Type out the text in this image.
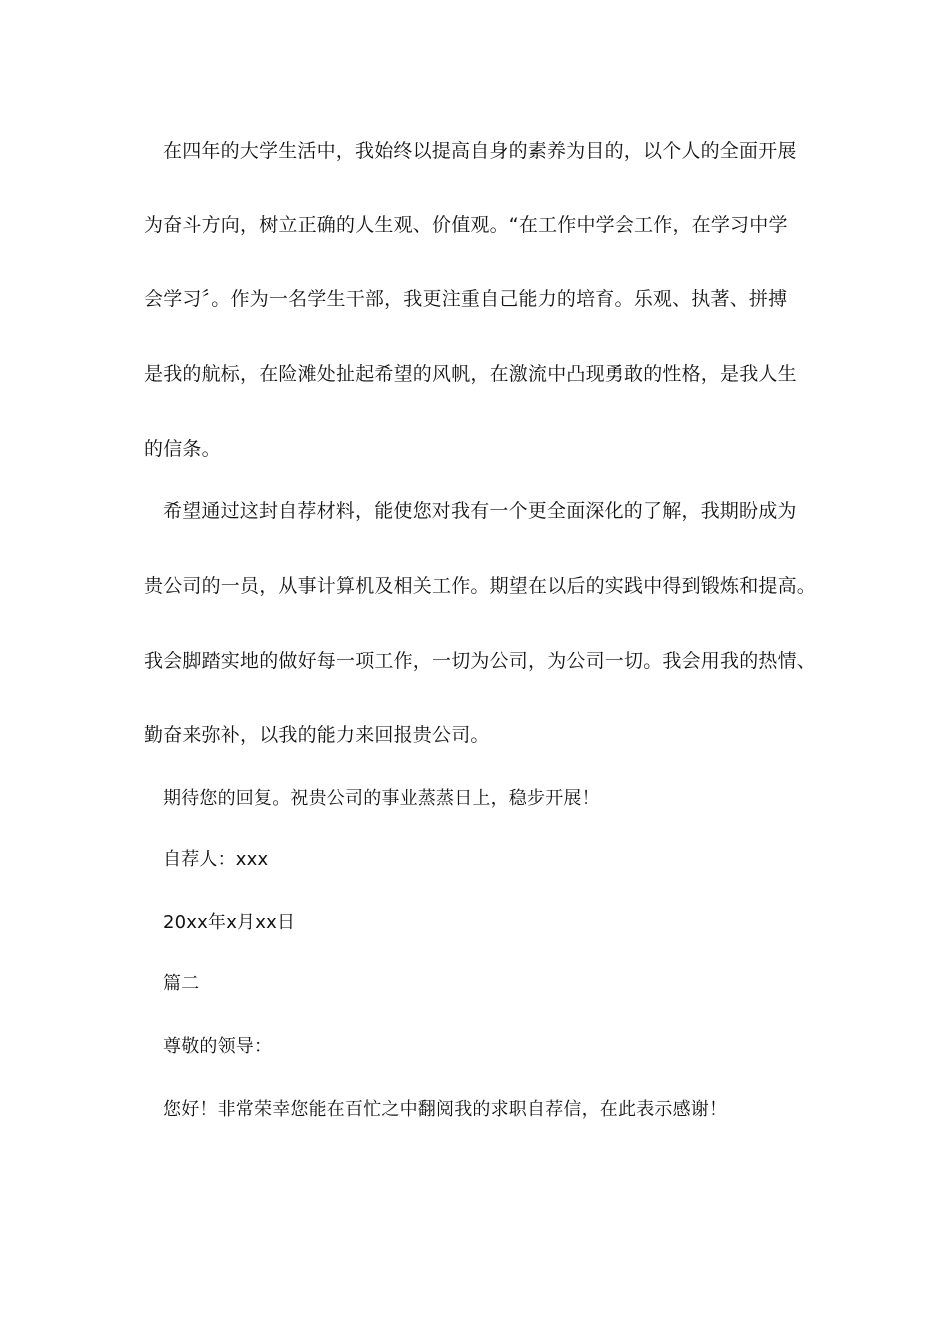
在四年的大学生活中，我始终以提高自身的素养为目的，以个人的全面开展
为奋斗方向，树立正确的人生观、价值观。“在工作中学会工作，在学习中学
会学习〞。作为一名学生干部，我更注重自己能力的培育。乐观、执著、拼搏
是我的航标，在险滩处扯起希望的风帆，在激流中凸现勇敢的性格，是我人生
的信条。
希望通过这封自荐材料，能使您对我有一个更全面深化的了解，我期盼成为
贵公司的一员，从事计算机及相关工作。期望在以后的实践中得到锻炼和提高。
我会脚踏实地的做好每一项工作，一切为公司，为公司一切。我会用我的热情、
勤奋来弥补，以我的能力来回报贵公司。
期待您的回复。祝贵公司的事业蒸蒸日上，稳步开展！
自荐人：xxx
20xx年x月xx日
篇二
尊敬的领导：
您好！非常荣幸您能在百忙之中翻阅我的求职自荐信，在此表示感谢！
